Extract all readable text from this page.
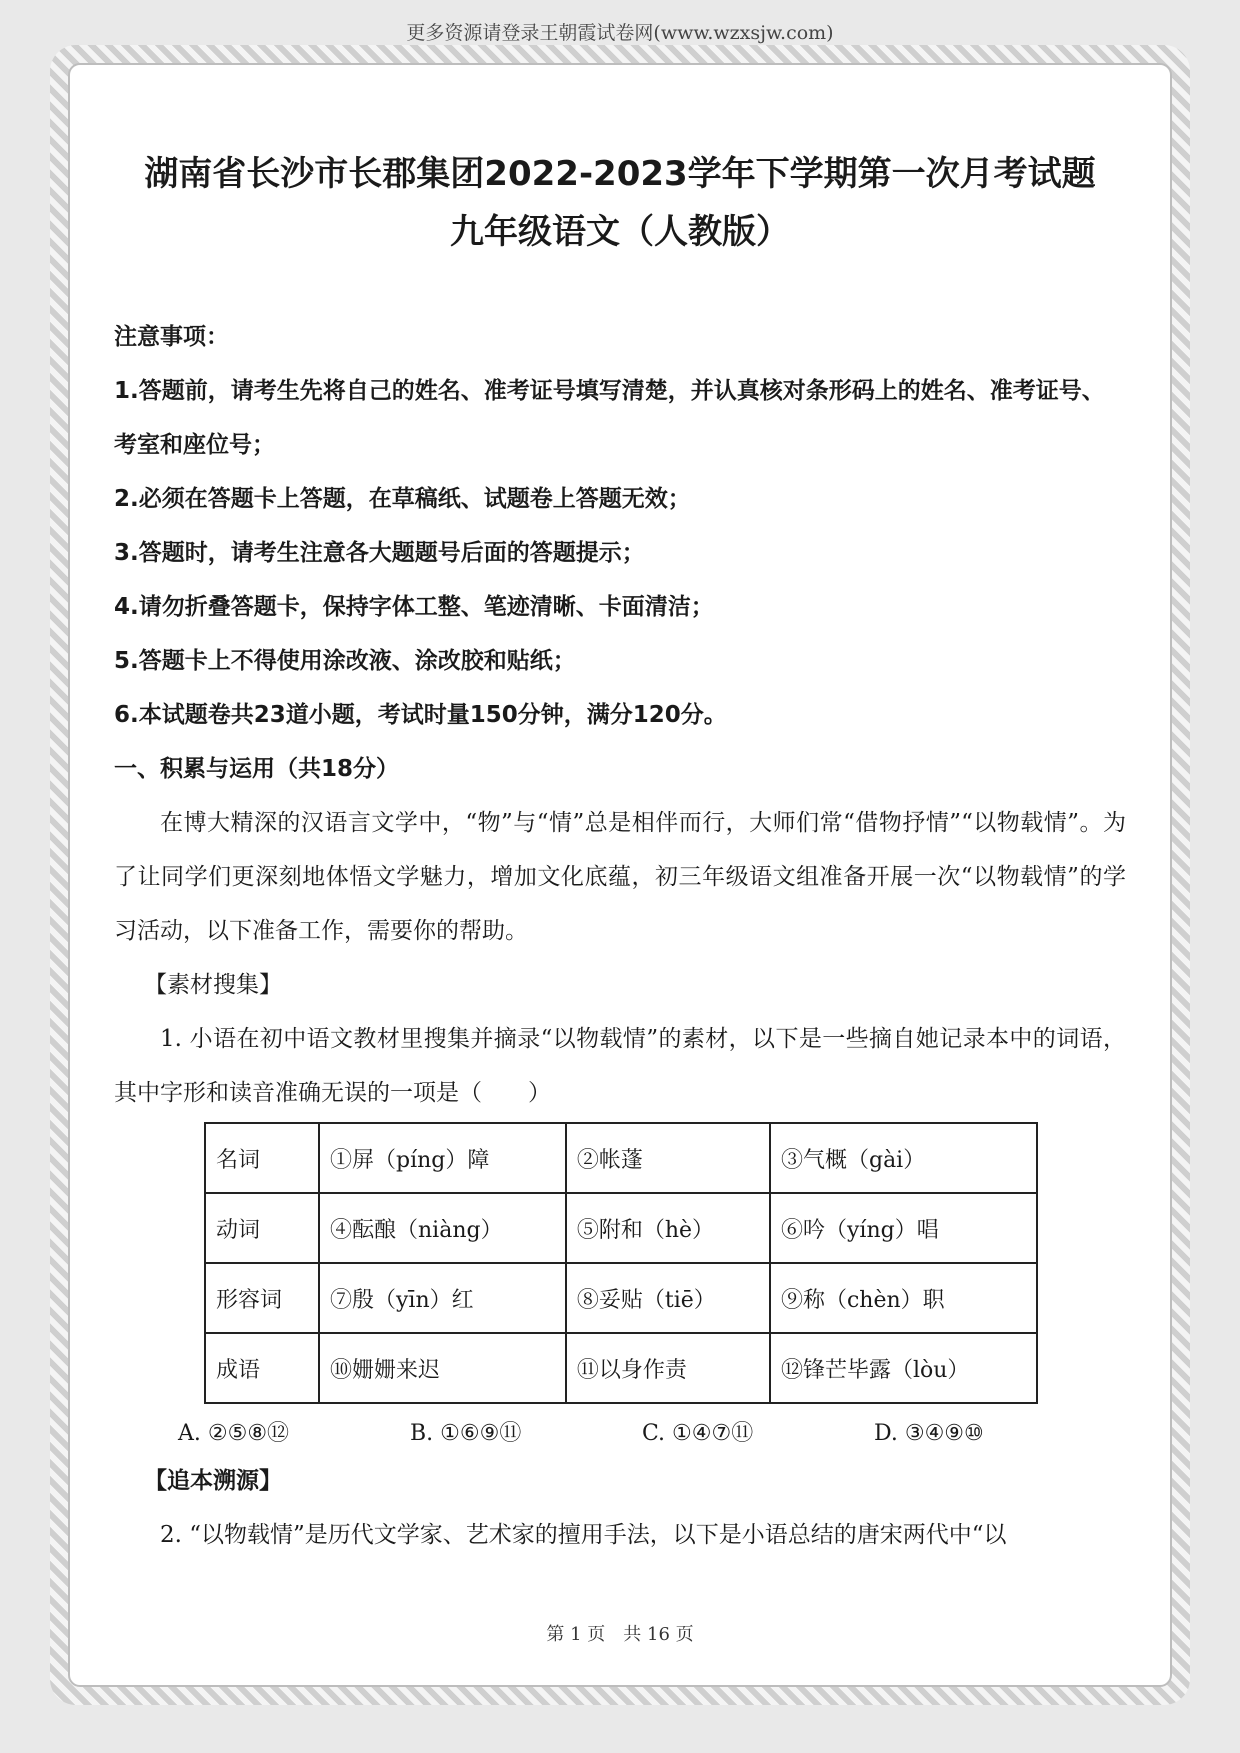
更多资源请登录王朝霞试卷网(www.wzxsjw.com)
湖南省长沙市长郡集团2022-2023学年下学期第一次月考试题
九年级语文（人教版）
注意事项：

1.答题前，请考生先将自己的姓名、准考证号填写清楚，并认真核对条形码上的姓名、准考证号、考室和座位号；

2.必须在答题卡上答题，在草稿纸、试题卷上答题无效；

3.答题时，请考生注意各大题题号后面的答题提示；

4.请勿折叠答题卡，保持字体工整、笔迹清晰、卡面清洁；

5.答题卡上不得使用涂改液、涂改胶和贴纸；

6.本试题卷共23道小题，考试时量150分钟，满分120分。

一、积累与运用（共18分）

在博大精深的汉语言文学中，“物”与“情”总是相伴而行，大师们常“借物抒情”“以物载情”。为了让同学们更深刻地体悟文学魅力，增加文化底蕴，初三年级语文组准备开展一次“以物载情”的学习活动，以下准备工作，需要你的帮助。

【素材搜集】

1. 小语在初中语文教材里搜集并摘录“以物载情”的素材，以下是一些摘自她记录本中的词语，其中字形和读音准确无误的一项是（　　）

名词	①屏（píng）障	②帐蓬	③气概（gài）
动词	④酝酿（niàng）	⑤附和（hè）	⑥吟（yíng）唱
形容词	⑦殷（yīn）红	⑧妥贴（tiē）	⑨称（chèn）职
成语	⑩姗姗来迟	⑪以身作责	⑫锋芒毕露（lòu）
A. ②⑤⑧⑫	B. ①⑥⑨⑪	C. ①④⑦⑪	D. ③④⑨⑩
【追本溯源】

2. “以物载情”是历代文学家、艺术家的擅用手法，以下是小语总结的唐宋两代中“以

第 1 页　共 16 页
